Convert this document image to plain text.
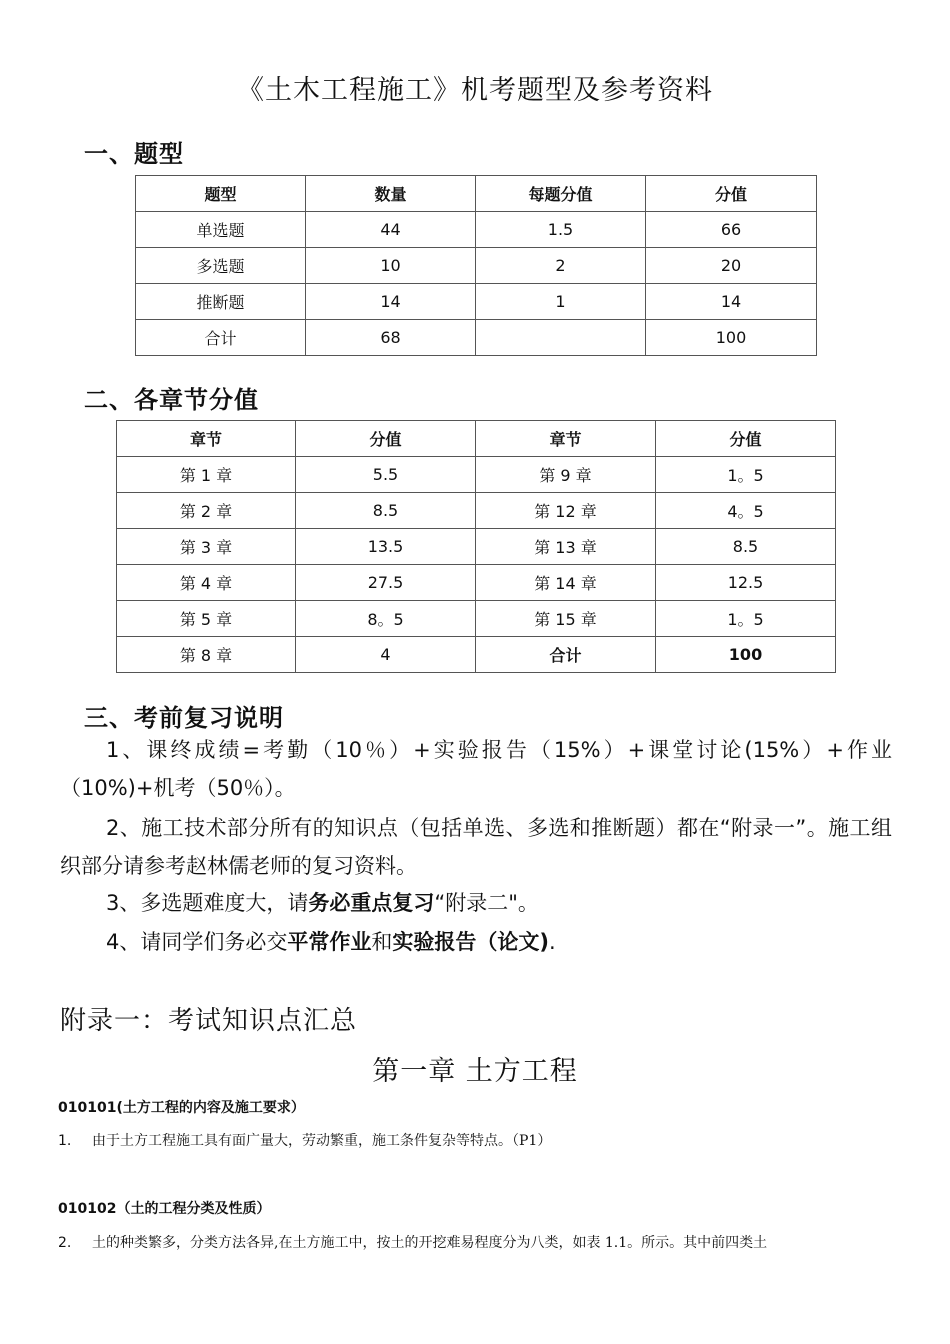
《土木工程施工》机考题型及参考资料
一、题型
题型	数量	每题分值	分值
单选题	44	1.5	66
多选题	10	2	20
推断题	14	1	14
合计	68		100
二、各章节分值
章节	分值	章节	分值
第 1 章	5.5	第 9 章	1。5
第 2 章	8.5	第 12 章	4。5
第 3 章	13.5	第 13 章	8.5
第 4 章	27.5	第 14 章	12.5
第 5 章	8。5	第 15 章	1。5
第 8 章	4	合计	100
三、考前复习说明
1、课终成绩=考勤（10％）+实验报告（15%）+课堂讨论(15%）+作业（10%)+机考（50％）。
2、施工技术部分所有的知识点（包括单选、多选和推断题）都在“附录一”。施工组织部分请参考赵林儒老师的复习资料。
3、多选题难度大，请务必重点复习“附录二"。
4、请同学们务必交平常作业和实验报告（论文).
附录一：考试知识点汇总
第一章 土方工程
010101(土方工程的内容及施工要求）
1. 由于土方工程施工具有面广量大，劳动繁重，施工条件复杂等特点。（P1）
010102（土的工程分类及性质）
2. 土的种类繁多，分类方法各异,在土方施工中，按土的开挖难易程度分为八类，如表 1.1。所示。其中前四类土
